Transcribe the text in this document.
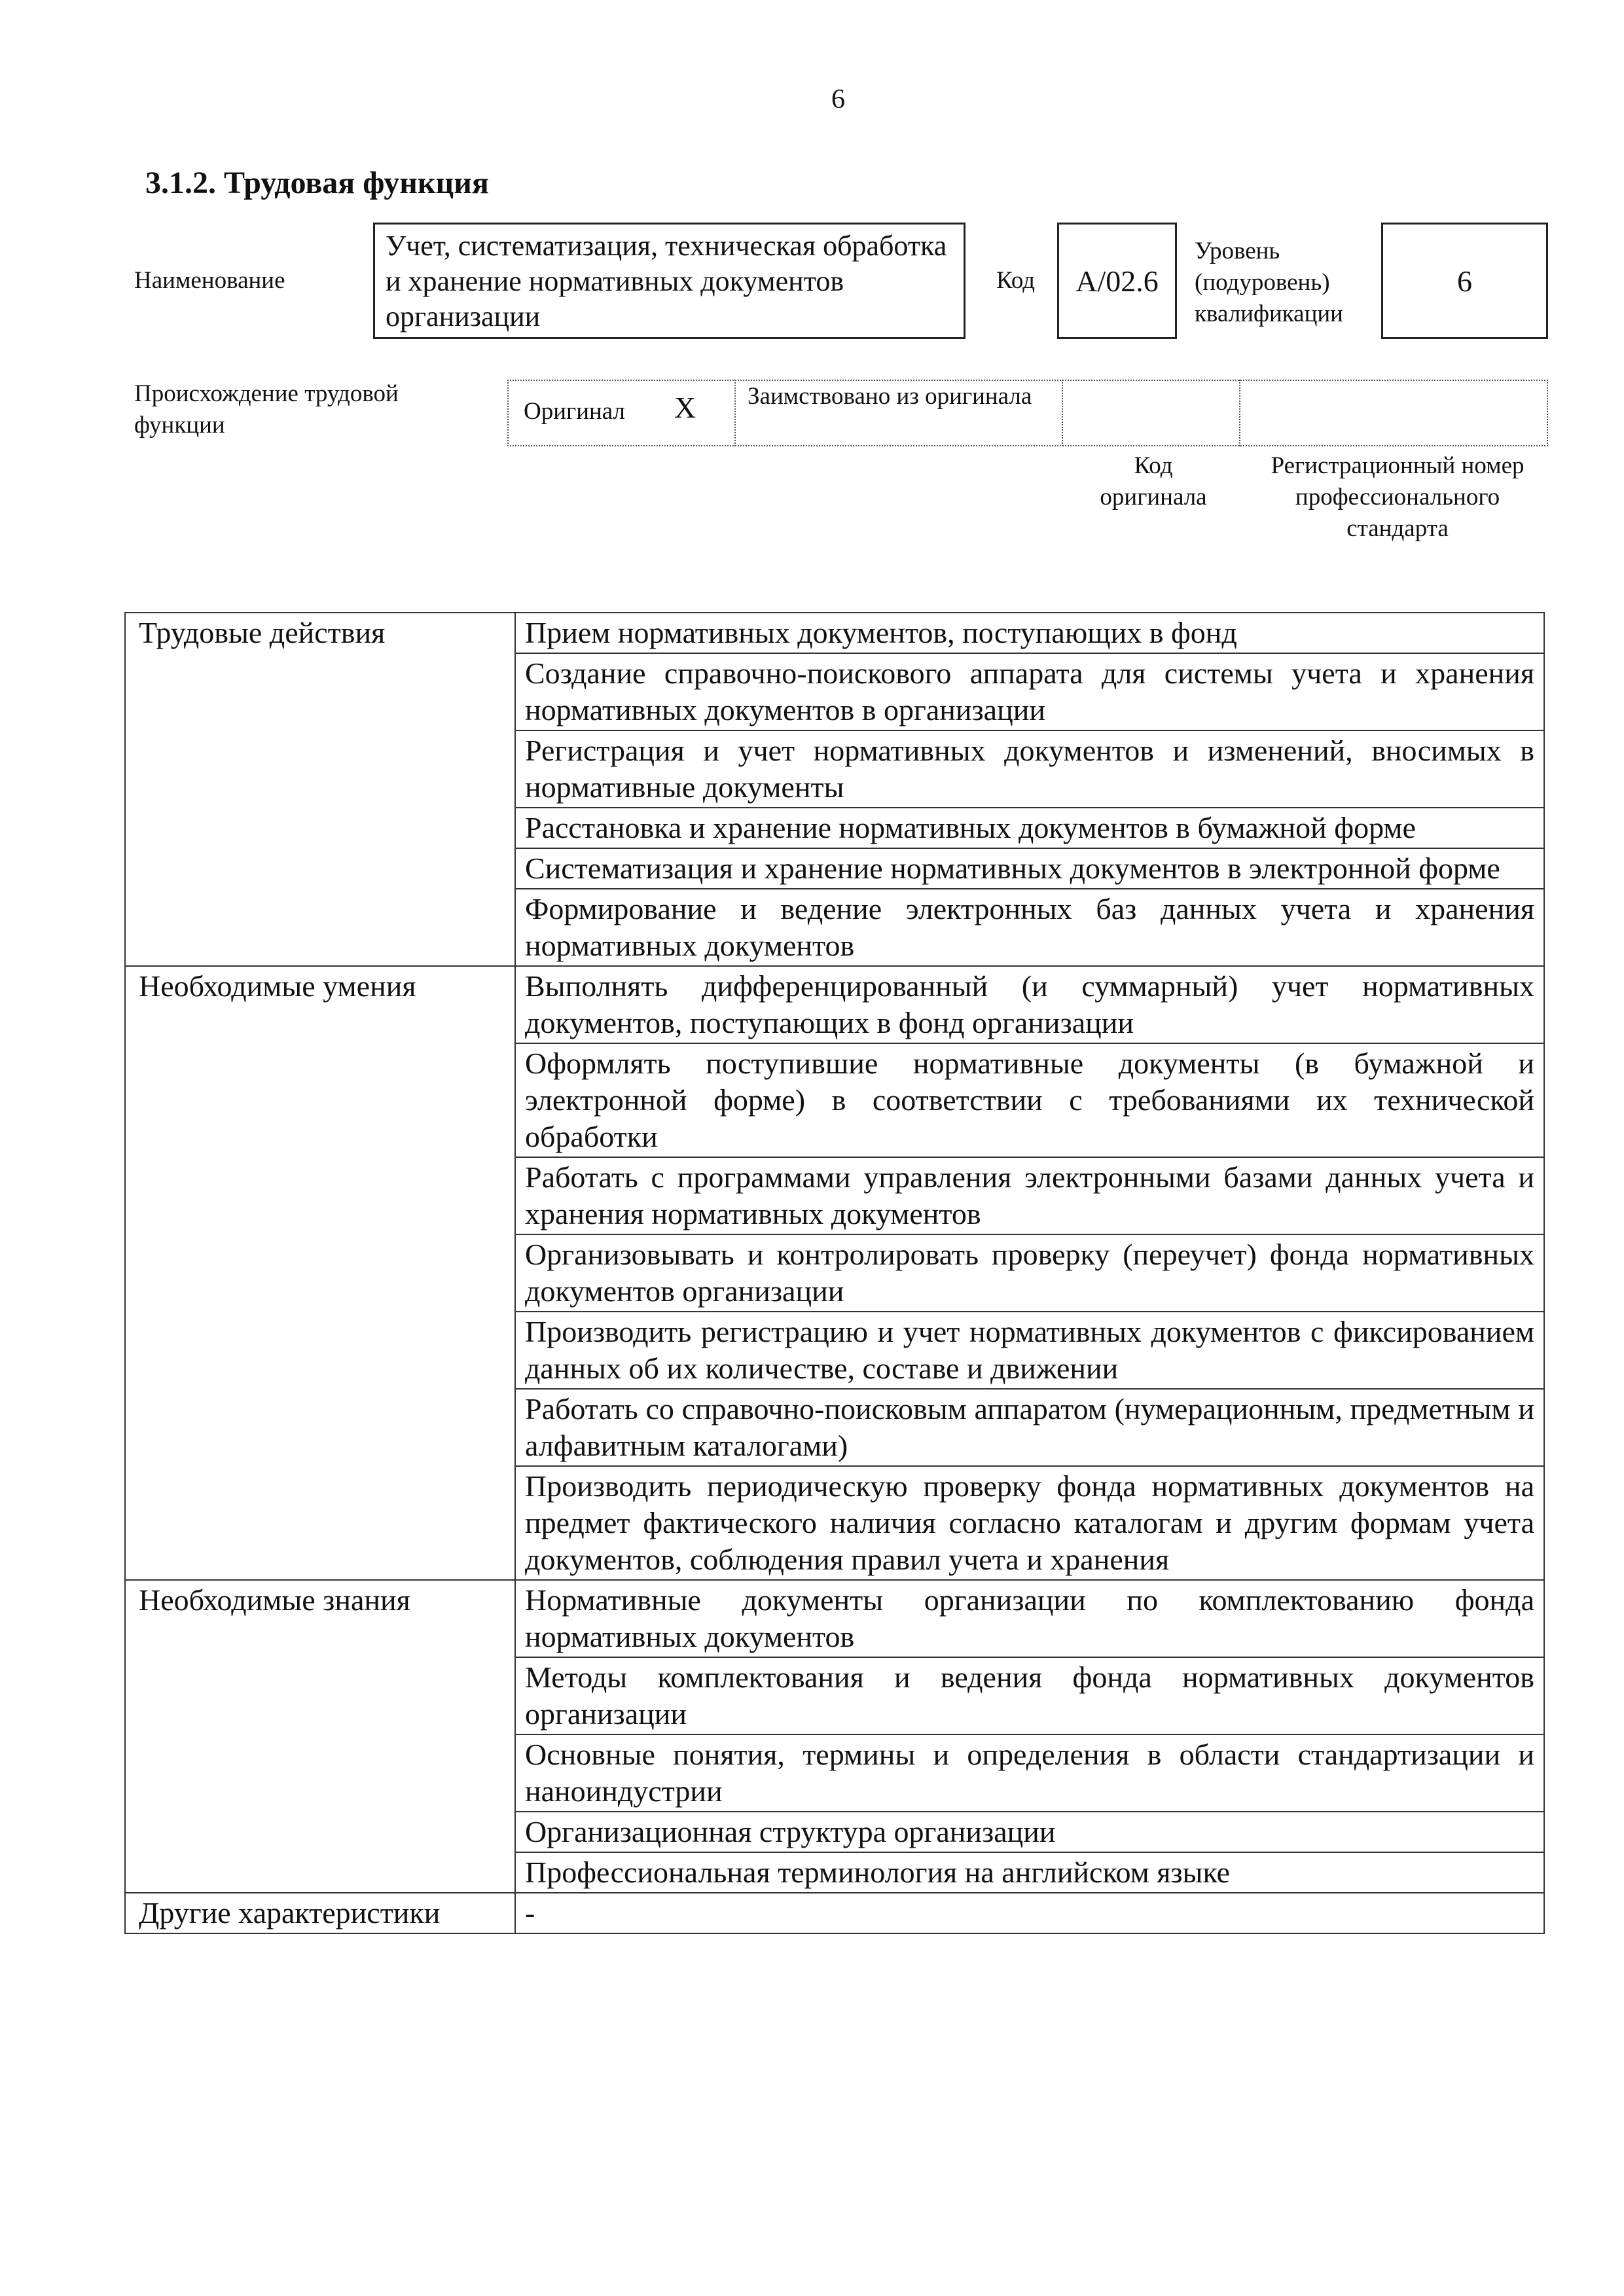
6
3.1.2. Трудовая функция
Наименование
Учет, систематизация, техническая обработка и хранение нормативных документов организации
Код A/02.6
Уровень (подуровень) квалификации
6
Происхождение трудовой функции
Оригинал X Заимствовано из оригинала
Код оригинала
Регистрационный номер профессионального стандарта
Трудовые действия	Прием нормативных документов, поступающих в фонд
	Создание справочно-поискового аппарата для системы учета и хранения нормативных документов в организации
	Регистрация и учет нормативных документов и изменений, вносимых в нормативные документы
	Расстановка и хранение нормативных документов в бумажной форме
	Систематизация и хранение нормативных документов в электронной форме
	Формирование и ведение электронных баз данных учета и хранения нормативных документов
Необходимые умения	Выполнять дифференцированный (и суммарный) учет нормативных документов, поступающих в фонд организации
	Оформлять поступившие нормативные документы (в бумажной и электронной форме) в соответствии с требованиями их технической обработки
	Работать с программами управления электронными базами данных учета и хранения нормативных документов
	Организовывать и контролировать проверку (переучет) фонда нормативных документов организации
	Производить регистрацию и учет нормативных документов с фиксированием данных об их количестве, составе и движении
	Работать со справочно-поисковым аппаратом (нумерационным, предметным и алфавитным каталогами)
	Производить периодическую проверку фонда нормативных документов на предмет фактического наличия согласно каталогам и другим формам учета документов, соблюдения правил учета и хранения
Необходимые знания	Нормативные документы организации по комплектованию фонда нормативных документов
	Методы комплектования и ведения фонда нормативных документов организации
	Основные понятия, термины и определения в области стандартизации и наноиндустрии
	Организационная структура организации
	Профессиональная терминология на английском языке
Другие характеристики	-
